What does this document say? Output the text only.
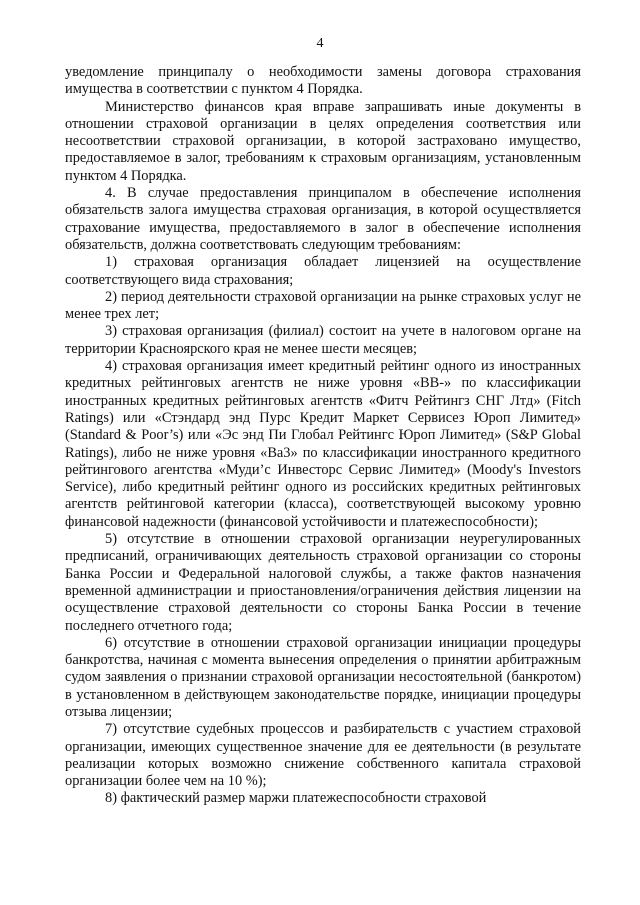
4

уведомление принципалу о необходимости замены договора страхования имущества в соответствии с пунктом 4 Порядка.

Министерство финансов края вправе запрашивать иные документы в отношении страховой организации в целях определения соответствия или несоответствии страховой организации, в которой застраховано имущество, предоставляемое в залог, требованиям к страховым организациям, установленным пунктом 4 Порядка.

4. В случае предоставления принципалом в обеспечение исполнения обязательств залога имущества страховая организация, в которой осуществляется страхование имущества, предоставляемого в залог в обеспечение исполнения обязательств, должна соответствовать следующим требованиям:

1) страховая организация обладает лицензией на осуществление соответствующего вида страхования;

2) период деятельности страховой организации на рынке страховых услуг не менее трех лет;

3) страховая организация (филиал) состоит на учете в налоговом органе на территории Красноярского края не менее шести месяцев;

4) страховая организация имеет кредитный рейтинг одного из иностранных кредитных рейтинговых агентств не ниже уровня «ВВ-» по классификации иностранных кредитных рейтинговых агентств «Фитч Рейтингз СНГ Лтд» (Fitch Ratings) или «Стэндард энд Пурс Кредит Маркет Сервисез Юроп Лимитед» (Standard & Poor’s) или «Эс энд Пи Глобал Рейтингс Юроп Лимитед» (S&P Global Ratings), либо не ниже уровня «Ва3» по классификации иностранного кредитного рейтингового агентства «Муди’с Инвесторс Сервис Лимитед» (Moody's Investors Service), либо кредитный рейтинг одного из российских кредитных рейтинговых агентств рейтинговой категории (класса), соответствующей высокому уровню финансовой надежности (финансовой устойчивости и платежеспособности);

5) отсутствие в отношении страховой организации неурегулированных предписаний, ограничивающих деятельность страховой организации со стороны Банка России и Федеральной налоговой службы, а также фактов назначения временной администрации и приостановления/ограничения действия лицензии на осуществление страховой деятельности со стороны Банка России в течение последнего отчетного года;

6) отсутствие в отношении страховой организации инициации процедуры банкротства, начиная с момента вынесения определения о принятии арбитражным судом заявления о признании страховой организации несостоятельной (банкротом) в установленном в действующем законодательстве порядке, инициации процедуры отзыва лицензии;

7) отсутствие судебных процессов и разбирательств с участием страховой организации, имеющих существенное значение для ее деятельности (в результате реализации которых возможно снижение собственного капитала страховой организации более чем на 10 %);

8) фактический размер маржи платежеспособности страховой
